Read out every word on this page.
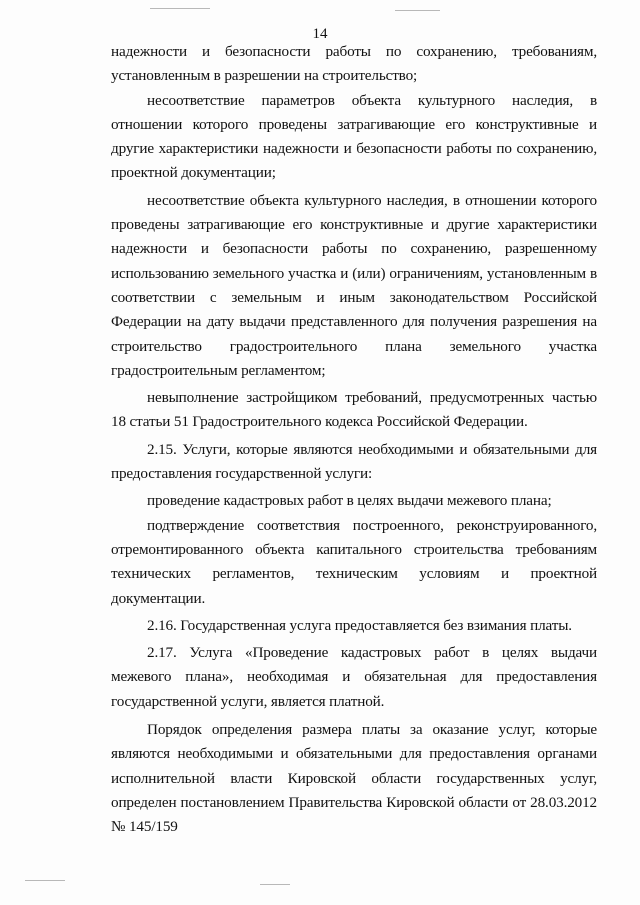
14

надежности и безопасности работы по сохранению, требованиям, установленным в разрешении на строительство;

несоответствие параметров объекта культурного наследия, в отношении которого проведены затрагивающие его конструктивные и другие характеристики надежности и безопасности работы по сохранению, проектной документации;

несоответствие объекта культурного наследия, в отношении которого проведены затрагивающие его конструктивные и другие характеристики надежности и безопасности работы по сохранению, разрешенному использованию земельного участка и (или) ограничениям, установленным в соответствии с земельным и иным законодательством Российской Федерации на дату выдачи представленного для получения разрешения на строительство градостроительного плана земельного участка градостроительным регламентом;

невыполнение застройщиком требований, предусмотренных частью 18 статьи 51 Градостроительного кодекса Российской Федерации.

2.15. Услуги, которые являются необходимыми и обязательными для предоставления государственной услуги:

проведение кадастровых работ в целях выдачи межевого плана;

подтверждение соответствия построенного, реконструированного, отремонтированного объекта капитального строительства требованиям технических регламентов, техническим условиям и проектной документации.

2.16. Государственная услуга предоставляется без взимания платы.

2.17. Услуга «Проведение кадастровых работ в целях выдачи межевого плана», необходимая и обязательная для предоставления государственной услуги, является платной.

Порядок определения размера платы за оказание услуг, которые являются необходимыми и обязательными для предоставления органами исполнительной власти Кировской области государственных услуг, определен постановлением Правительства Кировской области от 28.03.2012 № 145/159
